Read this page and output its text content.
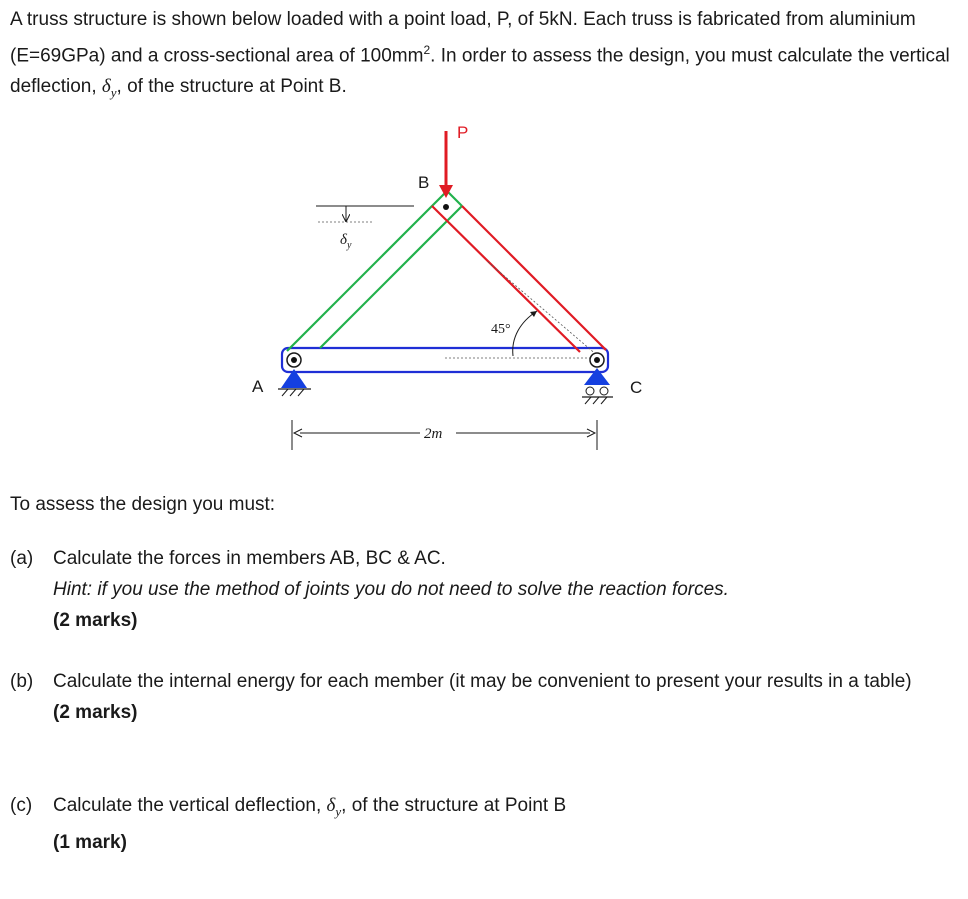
A truss structure is shown below loaded with a point load, P, of 5kN. Each truss is fabricated from aluminium (E=69GPa) and a cross-sectional area of $100mm^2$. In order to assess the design, you must calculate the vertical deflection, $\delta_y$, of the structure at Point B.

P
B
$\delta_y$
45°
A	C
2m

To assess the design you must:

(a) Calculate the forces in members AB, BC & AC.
Hint: if you use the method of joints you do not need to solve the reaction forces.
(2 marks)
(b) Calculate the internal energy for each member (it may be convenient to present your results in a table)
(2 marks)
(c) Calculate the vertical deflection, $\delta_y$, of the structure at Point B
(1 mark)
